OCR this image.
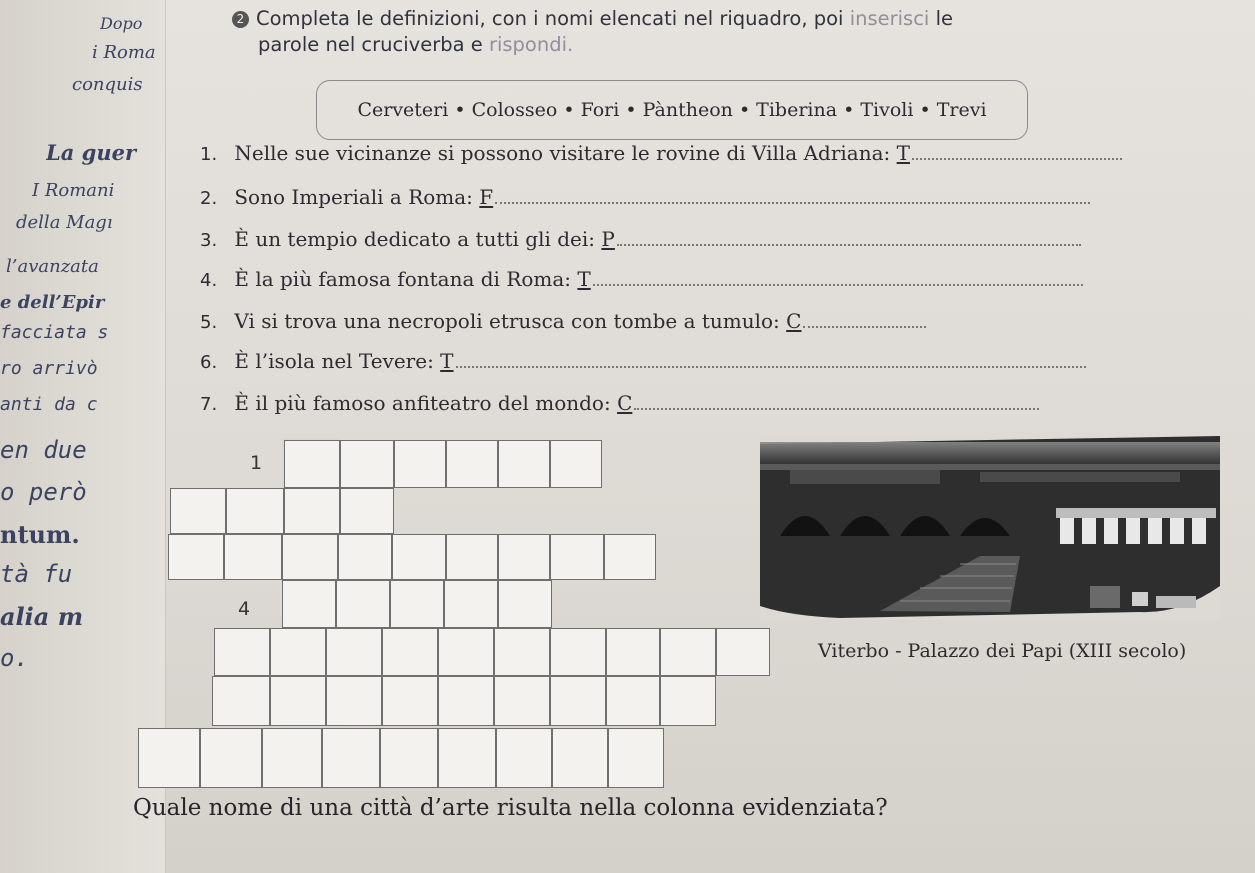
Dopo
i Roma
conquis
La guer
I Romani
della Magı
l’avanzata
e dell’Epir
facciata s
ro arrivò
anti da c
en due
o però
ntum.
tà fu
alia m
o.
2 Completa le definizioni, con i nomi elencati nel riquadro, poi inserisci le
parole nel cruciverba e rispondi.
Cerveteri • Colosseo • Fori • Pàntheon • Tiberina • Tivoli • Trevi
1. Nelle sue vicinanze si possono visitare le rovine di Villa Adriana: T
2. Sono Imperiali a Roma: F
3. È un tempio dedicato a tutti gli dei: P
4. È la più famosa fontana di Roma: T
5. Vi si trova una necropoli etrusca con tombe a tumulo: C
6. È l’isola nel Tevere: T
7. È il più famoso anfiteatro del mondo: C
1
4
Viterbo - Palazzo dei Papi (XIII secolo)
Quale nome di una città d’arte risulta nella colonna evidenziata?
